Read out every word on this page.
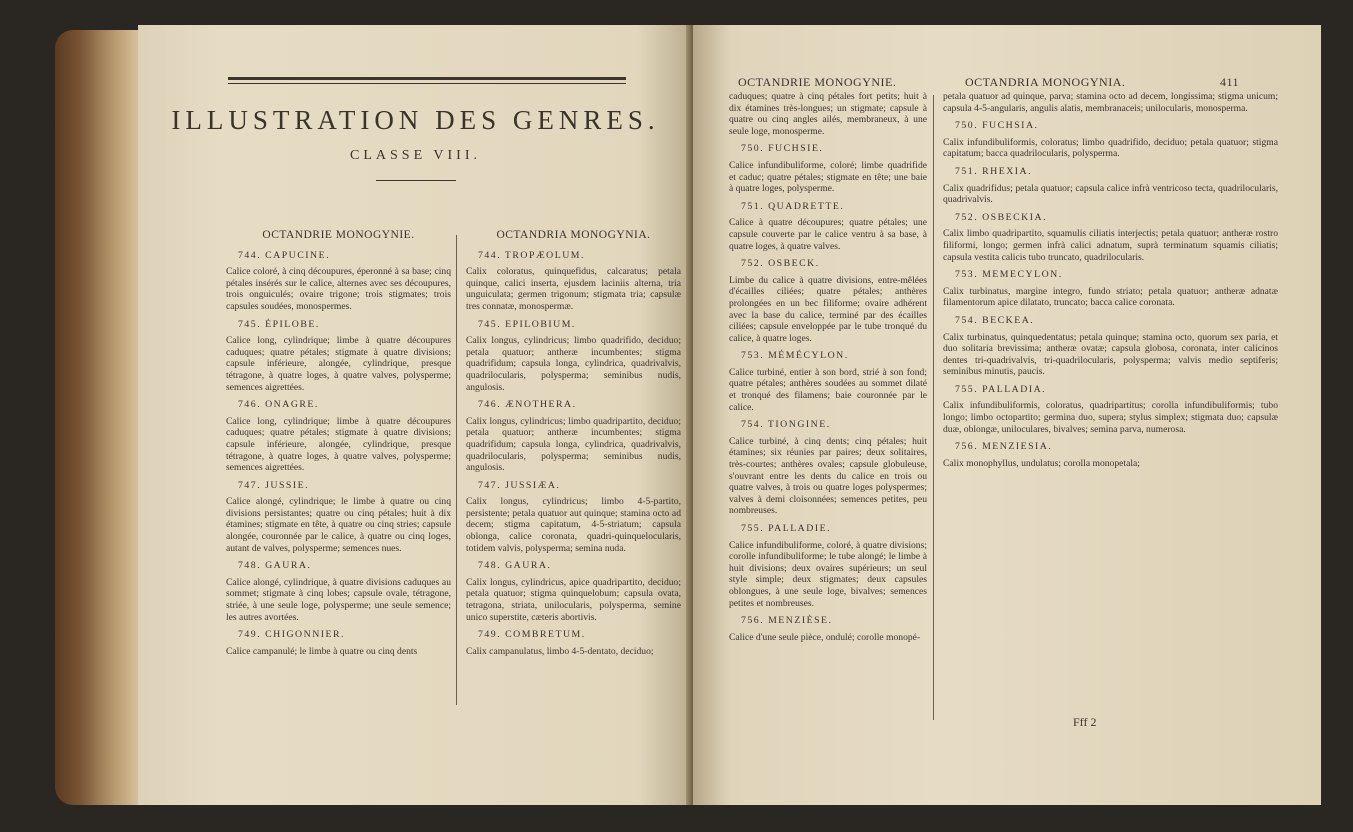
ILLUSTRATION DES GENRES.
CLASSE VIII.
OCTANDRIE MONOGYNIE.
744. CAPUCINE.

Calice coloré, à cinq découpures, éperonné à sa base; cinq pétales insérés sur le calice, alternes avec ses découpures, trois onguiculés; ovaire trigone; trois stigmates; trois capsules soudées, monospermes.

745. ÉPILOBE.

Calice long, cylindrique; limbe à quatre découpures caduques; quatre pétales; stigmate à quatre divisions; capsule inférieure, alongée, cylindrique, presque tétragone, à quatre loges, à quatre valves, polysperme; semences aigrettées.

746. ONAGRE.

Calice long, cylindrique; limbe à quatre découpures caduques; quatre pétales; stigmate à quatre divisions; capsule inférieure, alongée, cylindrique, presque tétragone, à quatre loges, à quatre valves, polysperme; semences aigrettées.

747. JUSSIE.

Calice alongé, cylindrique; le limbe à quatre ou cinq divisions persistantes; quatre ou cinq pétales; huit à dix étamines; stigmate en tête, à quatre ou cinq stries; capsule alongée, couronnée par le calice, à quatre ou cinq loges, autant de valves, polysperme; semences nues.

748. GAURA.

Calice alongé, cylindrique, à quatre divisions caduques au sommet; stigmate à cinq lobes; capsule ovale, tétragone, striée, à une seule loge, polysperme; une seule semence; les autres avortées.

749. CHIGONNIER.

Calice campanulé; le limbe à quatre ou cinq dents

OCTANDRIA MONOGYNIA.
744. TROPÆOLUM.

Calix coloratus, quinquefidus, calcaratus; petala quinque, calici inserta, ejusdem laciniis alterna, tria unguiculata; germen trigonum; stigmata tria; capsulæ tres connatæ, monospermæ.

745. EPILOBIUM.

Calix longus, cylindricus; limbo quadrifido, deciduo; petala quatuor; antheræ incumbentes; stigma quadrifidum; capsula longa, cylindrica, quadrivalvis, quadrilocularis, polysperma; seminibus nudis, angulosis.

746. ÆNOTHERA.

Calix longus, cylindricus; limbo quadripartito, deciduo; petala quatuor; antheræ incumbentes; stigma quadrifidum; capsula longa, cylindrica, quadrivalvis, quadrilocularis, polysperma; seminibus nudis, angulosis.

747. JUSSIÆA.

Calix longus, cylindricus; limbo 4-5-partito, persistente; petala quatuor aut quinque; stamina octo ad decem; stigma capitatum, 4-5-striatum; capsula oblonga, calice coronata, quadri-quinquelocularis, totidem valvis, polysperma; semina nuda.

748. GAURA.

Calix longus, cylindricus, apice quadripartito, deciduo; petala quatuor; stigma quinquelobum; capsula ovata, tetragona, striata, unilocularis, polysperma, semine unico superstite, cæteris abortivis.

749. COMBRETUM.

Calix campanulatus, limbo 4-5-dentato, deciduo;

OCTANDRIE MONOGYNIE.	OCTANDRIA MONOGYNIA.	411

caduques; quatre à cinq pétales fort petits; huit à dix étamines très-longues; un stigmate; capsule à quatre ou cinq angles ailés, membraneux, à une seule loge, monosperme.

750. FUCHSIE.

Calice infundibuliforme, coloré; limbe quadrifide et caduc; quatre pétales; stigmate en tête; une baie à quatre loges, polysperme.

751. QUADRETTE.

Calice à quatre découpures; quatre pétales; une capsule couverte par le calice ventru à sa base, à quatre loges, à quatre valves.

752. OSBECK.

Limbe du calice à quatre divisions, entre-mêlées d'écailles ciliées; quatre pétales; anthères prolongées en un bec filiforme; ovaire adhérent avec la base du calice, terminé par des écailles ciliées; capsule enveloppée par le tube tronqué du calice, à quatre loges.

753. MÉMÉCYLON.

Calice turbiné, entier à son bord, strié à son fond; quatre pétales; anthères soudées au sommet dilaté et tronqué des filamens; baie couronnée par le calice.

754. TIONGINE.

Calice turbiné, à cinq dents; cinq pétales; huit étamines; six réunies par paires; deux solitaires, très-courtes; anthères ovales; capsule globuleuse, s'ouvrant entre les dents du calice en trois ou quatre valves, à trois ou quatre loges polyspermes; valves à demi cloisonnées; semences petites, peu nombreuses.

755. PALLADIE.

Calice infundibuliforme, coloré, à quatre divisions; corolle infundibuliforme; le tube alongé; le limbe à huit divisions; deux ovaires supérieurs; un seul style simple; deux stigmates; deux capsules oblongues, à une seule loge, bivalves; semences petites et nombreuses.

756. MENZIÈSE.

Calice d'une seule pièce, ondulé; corolle monopé-

petala quatuor ad quinque, parva; stamina octo ad decem, longissima; stigma unicum; capsula 4-5-angularis, angulis alatis, membranaceis; unilocularis, monosperma.

750. FUCHSIA.

Calix infundibuliformis, coloratus; limbo quadrifido, deciduo; petala quatuor; stigma capitatum; bacca quadrilocularis, polysperma.

751. RHEXIA.

Calix quadrifidus; petala quatuor; capsula calice infrà ventricoso tecta, quadrilocularis, quadrivalvis.

752. OSBECKIA.

Calix limbo quadripartito, squamulis ciliatis interjectis; petala quatuor; antheræ rostro filiformi, longo; germen infrà calici adnatum, suprà terminatum squamis ciliatis; capsula vestita calicis tubo truncato, quadrilocularis.

753. MEMECYLON.

Calix turbinatus, margine integro, fundo striato; petala quatuor; antheræ adnatæ filamentorum apice dilatato, truncato; bacca calice coronata.

754. BECKEA.

Calix turbinatus, quinquedentatus; petala quinque; stamina octo, quorum sex paria, et duo solitaria brevissima; antheræ ovatæ; capsula globosa, coronata, inter calicinos dentes tri-quadrivalvis, tri-quadrilocularis, polysperma; valvis medio septiferis; seminibus minutis, paucis.

755. PALLADIA.

Calix infundibuliformis, coloratus, quadripartitus; corolla infundibuliformis; tubo longo; limbo octopartito; germina duo, supera; stylus simplex; stigmata duo; capsulæ duæ, oblongæ, uniloculares, bivalves; semina parva, numerosa.

756. MENZIESIA.

Calix monophyllus, undulatus; corolla monopetala;

Fff 2
